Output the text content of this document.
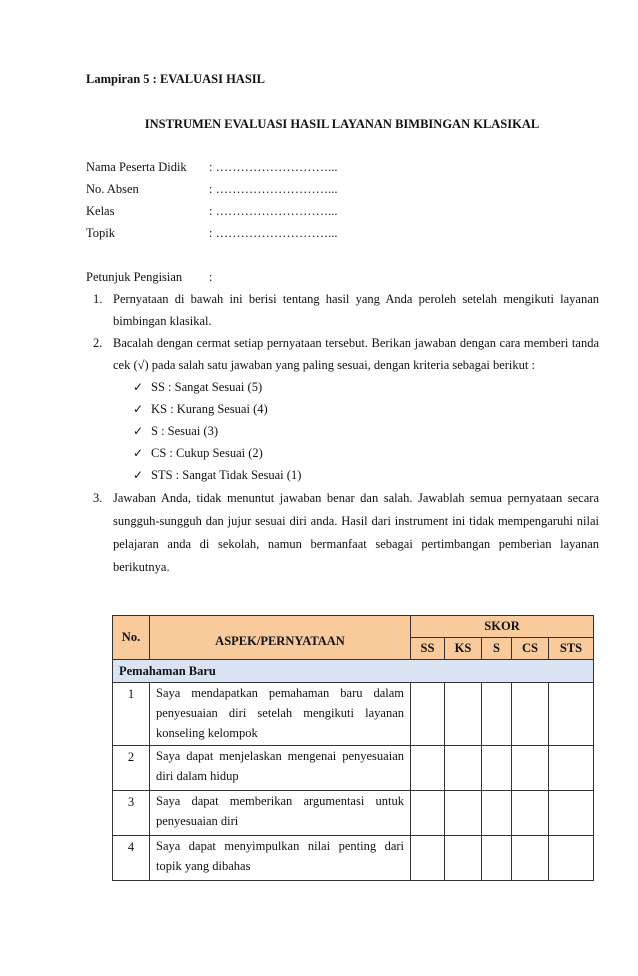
Lampiran 5 : EVALUASI HASIL
INSTRUMEN EVALUASI HASIL LAYANAN BIMBINGAN KLASIKAL
Nama Peserta Didik : ………………………...
No. Absen	: ………………………...
Kelas	: ………………………...
Topik	: ………………………...
Petunjuk Pengisian :
1. Pernyataan di bawah ini berisi tentang hasil yang Anda peroleh setelah mengikuti layanan
bimbingan klasikal.
2. Bacalah dengan cermat setiap pernyataan tersebut. Berikan jawaban dengan cara memberi tanda
cek (√) pada salah satu jawaban yang paling sesuai, dengan kriteria sebagai berikut :
✓ SS : Sangat Sesuai (5)
✓ KS : Kurang Sesuai (4)
✓ S : Sesuai (3)
✓ CS : Cukup Sesuai (2)
✓ STS : Sangat Tidak Sesuai (1)
3. Jawaban Anda, tidak menuntut jawaban benar dan salah. Jawablah semua pernyataan secara
sungguh-sungguh dan jujur sesuai diri anda. Hasil dari instrument ini tidak mempengaruhi nilai
pelajaran anda di sekolah, namun bermanfaat sebagai pertimbangan pemberian layanan
berikutnya.
No.	ASPEK/PERNYATAAN	SKOR				
		SS	KS	S	CS	STS
Pemahaman Baru						
1	Saya mendapatkan pemahaman baru dalam
penyesuaian diri setelah mengikuti layanan
konseling kelompok					

2	Saya dapat menjelaskan mengenai penyesuaian
diri dalam hidup					

3	Saya dapat memberikan argumentasi untuk
penyesuaian diri					

4	Saya dapat menyimpulkan nilai penting dari
topik yang dibahas					
